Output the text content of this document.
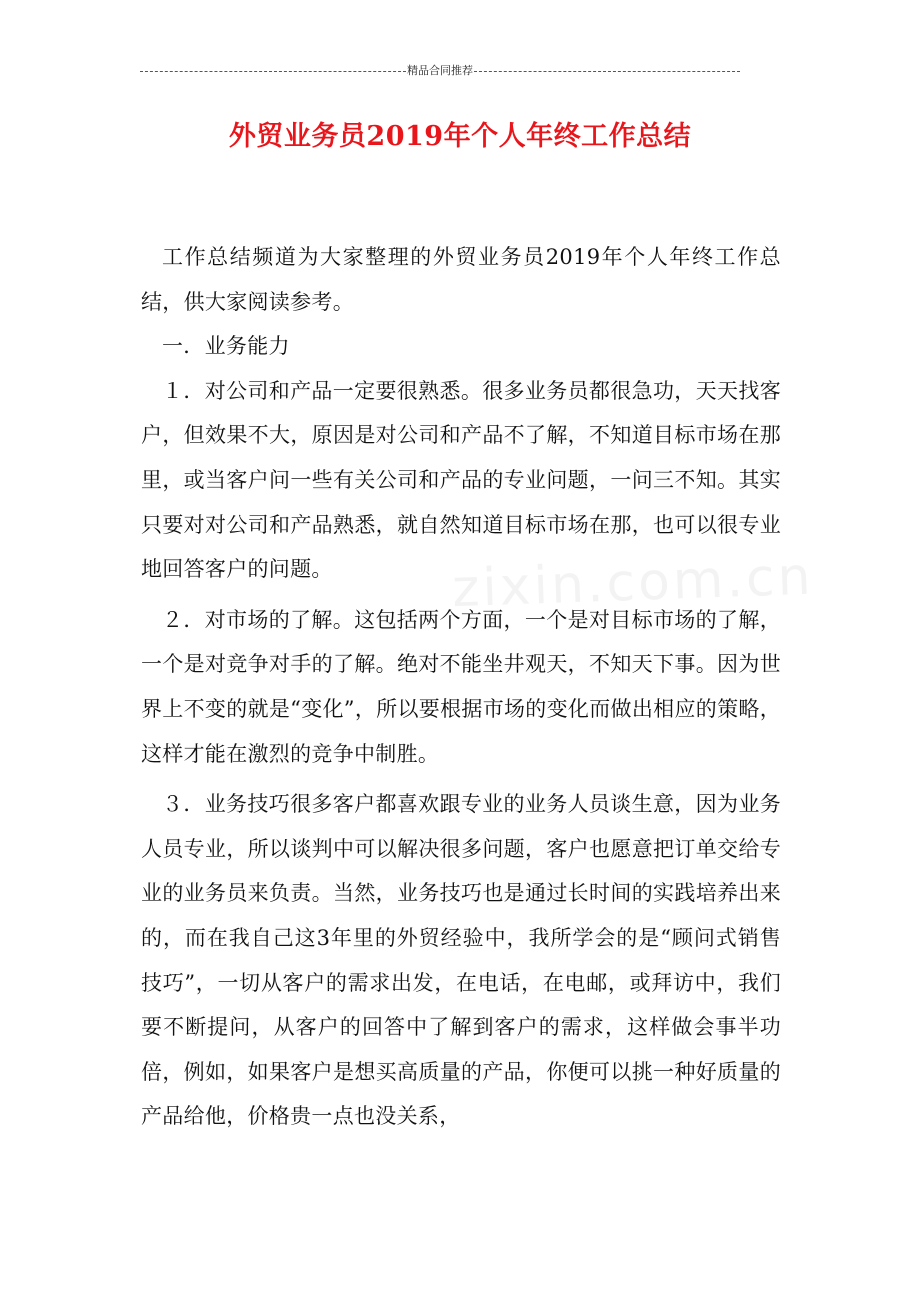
精品合同推荐
外贸业务员2019年个人年终工作总结

工作总结频道为大家整理的外贸业务员2019年个人年终工作总结，供大家阅读参考。

一．业务能力

１．对公司和产品一定要很熟悉。很多业务员都很急功，天天找客户，但效果不大，原因是对公司和产品不了解，不知道目标市场在那里，或当客户问一些有关公司和产品的专业问题，一问三不知。其实只要对对公司和产品熟悉，就自然知道目标市场在那，也可以很专业地回答客户的问题。

２．对市场的了解。这包括两个方面，一个是对目标市场的了解，一个是对竞争对手的了解。绝对不能坐井观天，不知天下事。因为世界上不变的就是“变化”，所以要根据市场的变化而做出相应的策略，这样才能在激烈的竞争中制胜。

３．业务技巧很多客户都喜欢跟专业的业务人员谈生意，因为业务人员专业，所以谈判中可以解决很多问题，客户也愿意把订单交给专业的业务员来负责。当然，业务技巧也是通过长时间的实践培养出来的，而在我自己这3年里的外贸经验中，我所学会的是“顾问式销售技巧”，一切从客户的需求出发，在电话，在电邮，或拜访中，我们要不断提问，从客户的回答中了解到客户的需求，这样做会事半功倍，例如，如果客户是想买高质量的产品，你便可以挑一种好质量的产品给他，价格贵一点也没关系，
